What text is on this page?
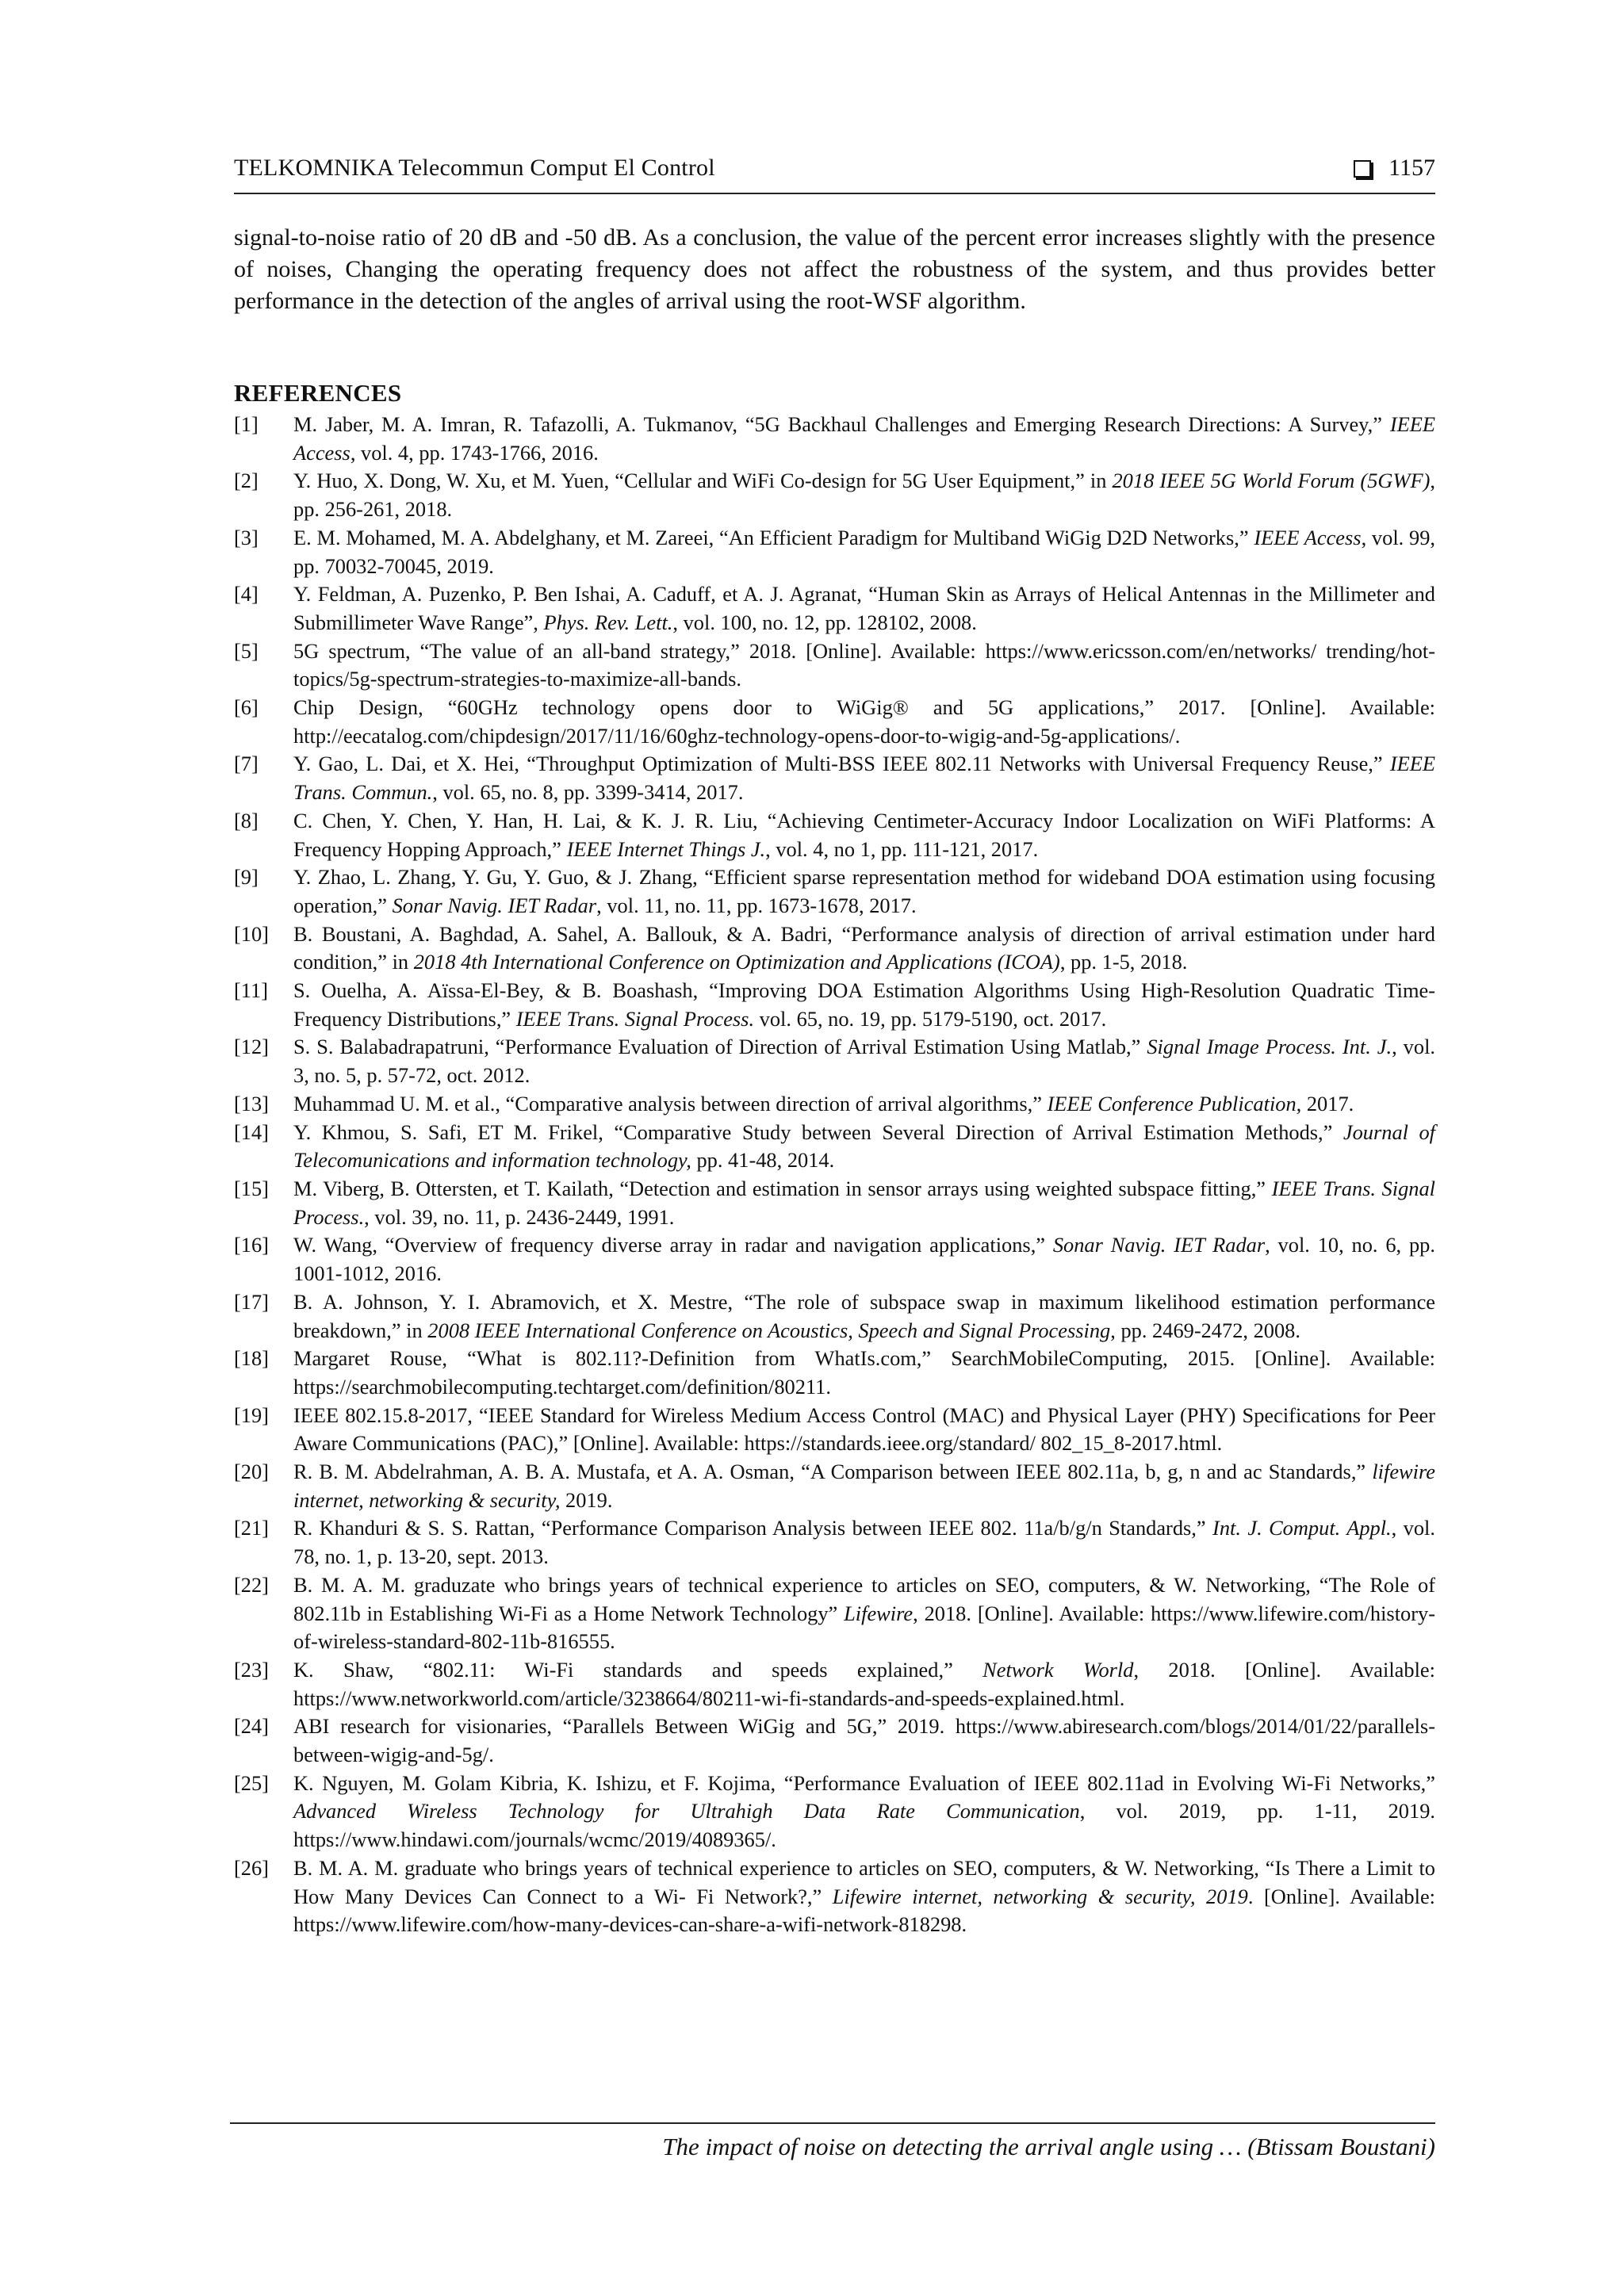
TELKOMNIKA Telecommun Comput El Control	1157

signal-to-noise ratio of 20 dB and -50 dB. As a conclusion, the value of the percent error increases slightly with the presence of noises, Changing the operating frequency does not affect the robustness of the system, and thus provides better performance in the detection of the angles of arrival using the root-WSF algorithm.

REFERENCES
[1]	M. Jaber, M. A. Imran, R. Tafazolli, A. Tukmanov, “5G Backhaul Challenges and Emerging Research Directions: A Survey,” IEEE Access, vol. 4, pp. 1743-1766, 2016.
[2]	Y. Huo, X. Dong, W. Xu, et M. Yuen, “Cellular and WiFi Co-design for 5G User Equipment,” in 2018 IEEE 5G World Forum (5GWF), pp. 256-261, 2018.
[3]	E. M. Mohamed, M. A. Abdelghany, et M. Zareei, “An Efficient Paradigm for Multiband WiGig D2D Networks,” IEEE Access, vol. 99, pp. 70032-70045, 2019.
[4]	Y. Feldman, A. Puzenko, P. Ben Ishai, A. Caduff, et A. J. Agranat, “Human Skin as Arrays of Helical Antennas in the Millimeter and Submillimeter Wave Range”, Phys. Rev. Lett., vol. 100, no. 12, pp. 128102, 2008.
[5]	5G spectrum, “The value of an all-band strategy,” 2018. [Online]. Available: https://www.ericsson.com/en/networks/ trending/hot-topics/5g-spectrum-strategies-to-maximize-all-bands.
[6]	Chip Design, “60GHz technology opens door to WiGig® and 5G applications,” 2017. [Online]. Available: http://eecatalog.com/chipdesign/2017/11/16/60ghz-technology-opens-door-to-wigig-and-5g-applications/.
[7]	Y. Gao, L. Dai, et X. Hei, “Throughput Optimization of Multi-BSS IEEE 802.11 Networks with Universal Frequency Reuse,” IEEE Trans. Commun., vol. 65, no. 8, pp. 3399-3414, 2017.
[8]	C. Chen, Y. Chen, Y. Han, H. Lai, & K. J. R. Liu, “Achieving Centimeter-Accuracy Indoor Localization on WiFi Platforms: A Frequency Hopping Approach,” IEEE Internet Things J., vol. 4, no 1, pp. 111-121, 2017.
[9]	Y. Zhao, L. Zhang, Y. Gu, Y. Guo, & J. Zhang, “Efficient sparse representation method for wideband DOA estimation using focusing operation,” Sonar Navig. IET Radar, vol. 11, no. 11, pp. 1673-1678, 2017.
[10]	B. Boustani, A. Baghdad, A. Sahel, A. Ballouk, & A. Badri, “Performance analysis of direction of arrival estimation under hard condition,” in 2018 4th International Conference on Optimization and Applications (ICOA), pp. 1-5, 2018.
[11]	S. Ouelha, A. Aïssa-El-Bey, & B. Boashash, “Improving DOA Estimation Algorithms Using High-Resolution Quadratic Time-Frequency Distributions,” IEEE Trans. Signal Process. vol. 65, no. 19, pp. 5179-5190, oct. 2017.
[12]	S. S. Balabadrapatruni, “Performance Evaluation of Direction of Arrival Estimation Using Matlab,” Signal Image Process. Int. J., vol. 3, no. 5, p. 57-72, oct. 2012.
[13]	Muhammad U. M. et al., “Comparative analysis between direction of arrival algorithms,” IEEE Conference Publication, 2017.
[14]	Y. Khmou, S. Safi, ET M. Frikel, “Comparative Study between Several Direction of Arrival Estimation Methods,” Journal of Telecomunications and information technology, pp. 41-48, 2014.
[15]	M. Viberg, B. Ottersten, et T. Kailath, “Detection and estimation in sensor arrays using weighted subspace fitting,” IEEE Trans. Signal Process., vol. 39, no. 11, p. 2436-2449, 1991.
[16]	W. Wang, “Overview of frequency diverse array in radar and navigation applications,” Sonar Navig. IET Radar, vol. 10, no. 6, pp. 1001-1012, 2016.
[17]	B. A. Johnson, Y. I. Abramovich, et X. Mestre, “The role of subspace swap in maximum likelihood estimation performance breakdown,” in 2008 IEEE International Conference on Acoustics, Speech and Signal Processing, pp. 2469-2472, 2008.
[18]	Margaret Rouse, “What is 802.11?-Definition from WhatIs.com,” SearchMobileComputing, 2015. [Online]. Available: https://searchmobilecomputing.techtarget.com/definition/80211.
[19]	IEEE 802.15.8-2017, “IEEE Standard for Wireless Medium Access Control (MAC) and Physical Layer (PHY) Specifications for Peer Aware Communications (PAC),” [Online]. Available: https://standards.ieee.org/standard/ 802_15_8-2017.html.
[20]	R. B. M. Abdelrahman, A. B. A. Mustafa, et A. A. Osman, “A Comparison between IEEE 802.11a, b, g, n and ac Standards,” lifewire internet, networking & security, 2019.
[21]	R. Khanduri & S. S. Rattan, “Performance Comparison Analysis between IEEE 802. 11a/b/g/n Standards,” Int. J. Comput. Appl., vol. 78, no. 1, p. 13-20, sept. 2013.
[22]	B. M. A. M. graduzate who brings years of technical experience to articles on SEO, computers, & W. Networking, “The Role of 802.11b in Establishing Wi-Fi as a Home Network Technology” Lifewire, 2018. [Online]. Available: https://www.lifewire.com/history-of-wireless-standard-802-11b-816555.
[23]	K. Shaw, “802.11: Wi-Fi standards and speeds explained,” Network World, 2018. [Online]. Available: https://www.networkworld.com/article/3238664/80211-wi-fi-standards-and-speeds-explained.html.
[24]	ABI research for visionaries, “Parallels Between WiGig and 5G,” 2019. https://www.abiresearch.com/blogs/2014/01/22/parallels-between-wigig-and-5g/.
[25]	K. Nguyen, M. Golam Kibria, K. Ishizu, et F. Kojima, “Performance Evaluation of IEEE 802.11ad in Evolving Wi-Fi Networks,” Advanced Wireless Technology for Ultrahigh Data Rate Communication, vol. 2019, pp. 1-11, 2019. https://www.hindawi.com/journals/wcmc/2019/4089365/.
[26]	B. M. A. M. graduate who brings years of technical experience to articles on SEO, computers, & W. Networking, “Is There a Limit to How Many Devices Can Connect to a Wi- Fi Network?,” Lifewire internet, networking & security, 2019. [Online]. Available: https://www.lifewire.com/how-many-devices-can-share-a-wifi-network-818298.
The impact of noise on detecting the arrival angle using … (Btissam Boustani)
